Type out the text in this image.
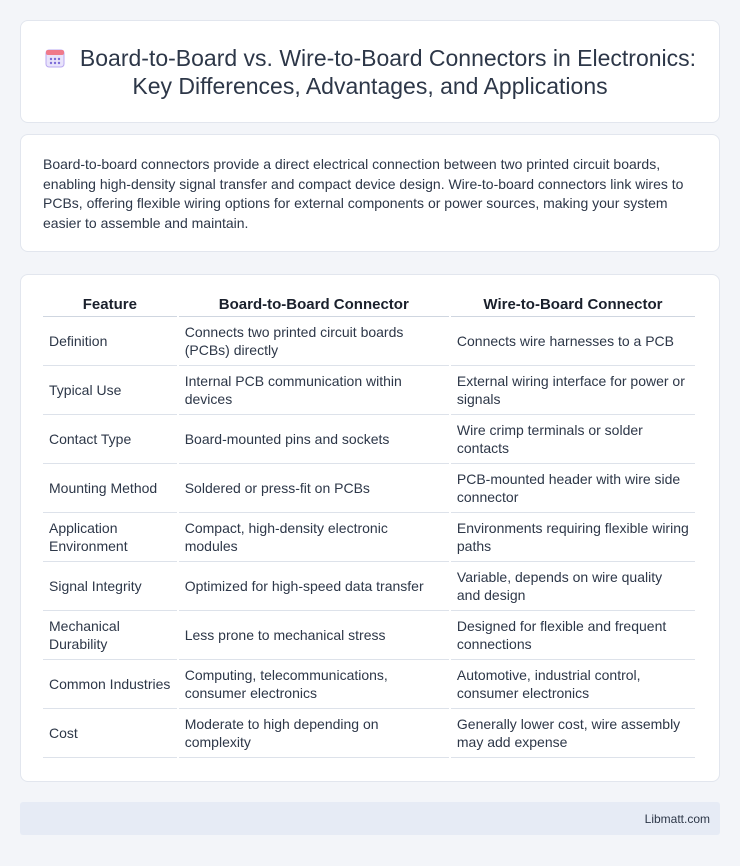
Board-to-Board vs. Wire-to-Board Connectors in Electronics: Key Differences, Advantages, and Applications

Board-to-board connectors provide a direct electrical connection between two printed circuit boards, enabling high-density signal transfer and compact device design. Wire-to-board connectors link wires to PCBs, offering flexible wiring options for external components or power sources, making your system easier to assemble and maintain.

Feature	Board-to-Board Connector	Wire-to-Board Connector
Definition	Connects two printed circuit boards (PCBs) directly	Connects wire harnesses to a PCB
Typical Use	Internal PCB communication within devices	External wiring interface for power or signals
Contact Type	Board-mounted pins and sockets	Wire crimp terminals or solder contacts
Mounting Method	Soldered or press-fit on PCBs	PCB-mounted header with wire side connector
Application Environment	Compact, high-density electronic modules	Environments requiring flexible wiring paths
Signal Integrity	Optimized for high-speed data transfer	Variable, depends on wire quality and design
Mechanical Durability	Less prone to mechanical stress	Designed for flexible and frequent connections
Common Industries	Computing, telecommunications, consumer electronics	Automotive, industrial control, consumer electronics
Cost	Moderate to high depending on complexity	Generally lower cost, wire assembly may add expense
Libmatt.com
